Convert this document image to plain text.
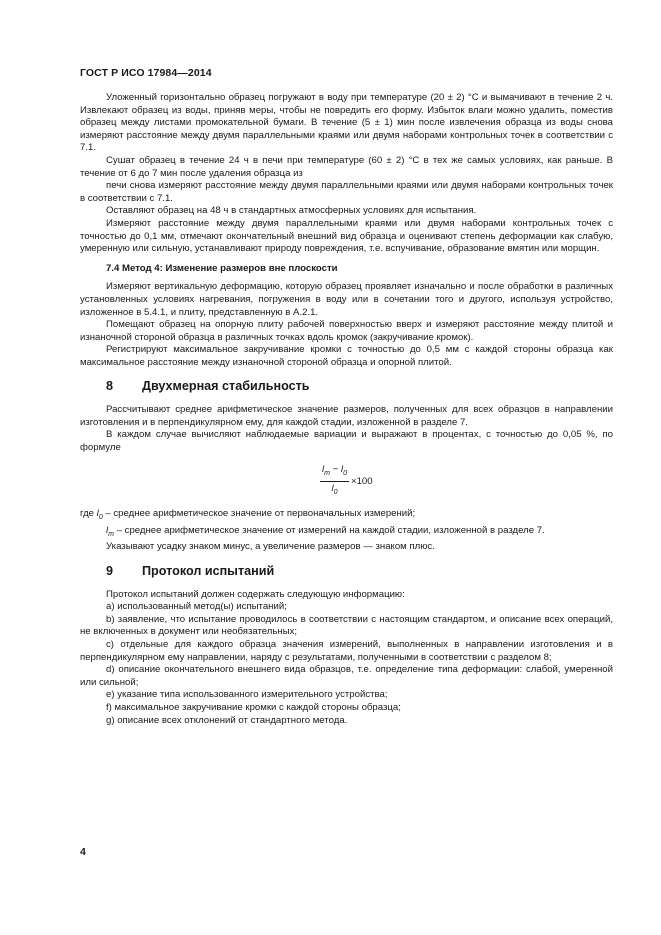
ГОСТ Р ИСО 17984—2014

Уложенный горизонтально образец погружают в воду при температуре (20 ± 2) °С и вымачивают в течение 2 ч. Извлекают образец из воды, приняв меры, чтобы не повредить его форму. Избыток влаги можно удалить, поместив образец между листами промокательной бумаги. В течение (5 ± 1) мин после извлечения образца из воды снова измеряют расстояние между двумя параллельными краями или двумя наборами контрольных точек в соответствии с 7.1.

Сушат образец в течение 24 ч в печи при температуре (60 ± 2) °С в тех же самых условиях, как раньше. В течение от 6 до 7 мин после удаления образца из

печи снова измеряют расстояние между двумя параллельными краями или двумя наборами контрольных точек в соответствии с 7.1.

Оставляют образец на 48 ч в стандартных атмосферных условиях для испытания.

Измеряют расстояние между двумя параллельными краями или двумя наборами контрольных точек с точностью до 0,1 мм, отмечают окончательный внешний вид образца и оценивают степень деформации как слабую, умеренную или сильную, устанавливают природу повреждения, т.е. вспучивание, образование вмятин или морщин.

7.4 Метод 4: Изменение размеров вне плоскости

Измеряют вертикальную деформацию, которую образец проявляет изначально и после обработки в различных установленных условиях нагревания, погружения в воду или в сочетании того и другого, используя устройство, изложенное в 5.4.1, и плиту, представленную в А.2.1.

Помещают образец на опорную плиту рабочей поверхностью вверх и измеряют расстояние между плитой и изнаночной стороной образца в различных точках вдоль кромок (закручивание кромок).

Регистрируют максимальное закручивание кромки с точностью до 0,5 мм с каждой стороны образца как максимальное расстояние между изнаночной стороной образца и опорной плитой.

8 Двухмерная стабильность

Рассчитывают среднее арифметическое значение размеров, полученных для всех образцов в направлении изготовления и в перпендикулярном ему, для каждой стадии, изложенной в разделе 7.

В каждом случае вычисляют наблюдаемые вариации и выражают в процентах, с точностью до 0,05 %, по формуле

$\frac{l_m - l_0}{l_0} \times 100$

где $l_0$ – среднее арифметическое значение от первоначальных измерений;

$l_m$ – среднее арифметическое значение от измерений на каждой стадии, изложенной в разделе 7.

Указывают усадку знаком минус, а увеличение размеров — знаком плюс.

9 Протокол испытаний

Протокол испытаний должен содержать следующую информацию:

a) использованный метод(ы) испытаний;

b) заявление, что испытание проводилось в соответствии с настоящим стандартом, и описание всех операций, не включенных в документ или необязательных;

c) отдельные для каждого образца значения измерений, выполненных в направлении изготовления и в перпендикулярном ему направлении, наряду с результатами, полученными в соответствии с разделом 8;

d) описание окончательного внешнего вида образцов, т.е. определение типа деформации: слабой, умеренной или сильной;

e) указание типа использованного измерительного устройства;

f) максимальное закручивание кромки с каждой стороны образца;

g) описание всех отклонений от стандартного метода.

4
